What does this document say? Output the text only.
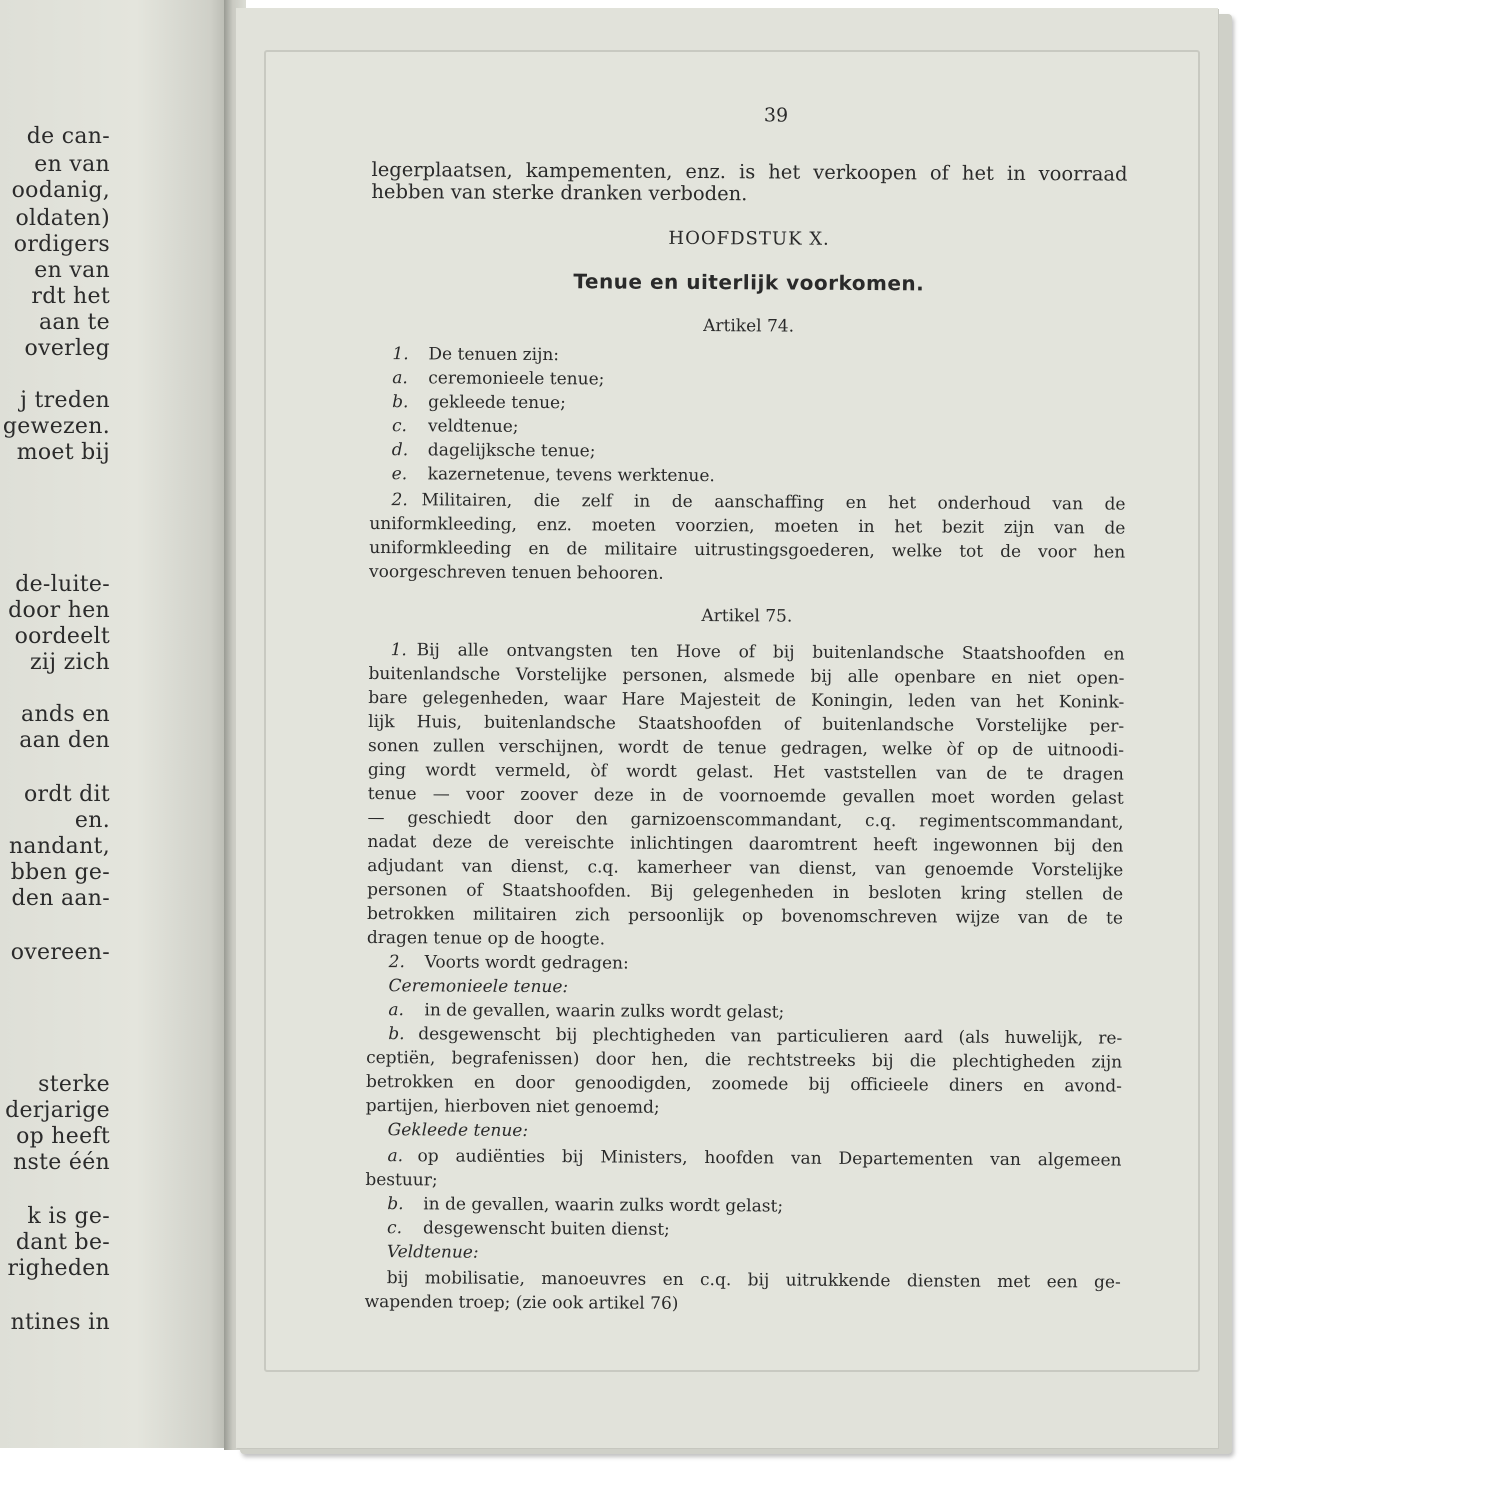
de can-
en van
oodanig,
oldaten)
ordigers
en van
rdt het
aan te
overleg
j treden
gewezen.
moet bij
de-luite-
door hen
oordeelt
zij zich
ands en
aan den
ordt dit
en.
nandant,
bben ge-
den aan-
overeen-
sterke
derjarige
op heeft
nste één
k is ge-
dant be-
righeden
ntines in
39
legerplaatsen, kampementen, enz. is het verkoopen of het in voorraad
hebben van sterke dranken verboden.
HOOFDSTUK X.
Tenue en uiterlijk voorkomen.
Artikel 74.
1. De tenuen zijn:
a. ceremonieele tenue;
b. gekleede tenue;
c. veldtenue;
d. dagelijksche tenue;
e. kazernetenue, tevens werktenue.
2. Militairen, die zelf in de aanschaffing en het onderhoud van de
uniformkleeding, enz. moeten voorzien, moeten in het bezit zijn van de
uniformkleeding en de militaire uitrustingsgoederen, welke tot de voor hen
voorgeschreven tenuen behooren.
Artikel 75.
1. Bij alle ontvangsten ten Hove of bij buitenlandsche Staatshoofden en
buitenlandsche Vorstelijke personen, alsmede bij alle openbare en niet open-
bare gelegenheden, waar Hare Majesteit de Koningin, leden van het Konink-
lijk Huis, buitenlandsche Staatshoofden of buitenlandsche Vorstelijke per-
sonen zullen verschijnen, wordt de tenue gedragen, welke òf op de uitnoodi-
ging wordt vermeld, òf wordt gelast. Het vaststellen van de te dragen
tenue — voor zoover deze in de voornoemde gevallen moet worden gelast
— geschiedt door den garnizoenscommandant, c.q. regimentscommandant,
nadat deze de vereischte inlichtingen daaromtrent heeft ingewonnen bij den
adjudant van dienst, c.q. kamerheer van dienst, van genoemde Vorstelijke
personen of Staatshoofden. Bij gelegenheden in besloten kring stellen de
betrokken militairen zich persoonlijk op bovenomschreven wijze van de te
dragen tenue op de hoogte.
2. Voorts wordt gedragen:
Ceremonieele tenue:
a. in de gevallen, waarin zulks wordt gelast;
b. desgewenscht bij plechtigheden van particulieren aard (als huwelijk, re-
ceptiën, begrafenissen) door hen, die rechtstreeks bij die plechtigheden zijn
betrokken en door genoodigden, zoomede bij officieele diners en avond-
partijen, hierboven niet genoemd;
Gekleede tenue:
a. op audiënties bij Ministers, hoofden van Departementen van algemeen
bestuur;
b. in de gevallen, waarin zulks wordt gelast;
c. desgewenscht buiten dienst;
Veldtenue:
bij mobilisatie, manoeuvres en c.q. bij uitrukkende diensten met een ge-
wapenden troep; (zie ook artikel 76)
